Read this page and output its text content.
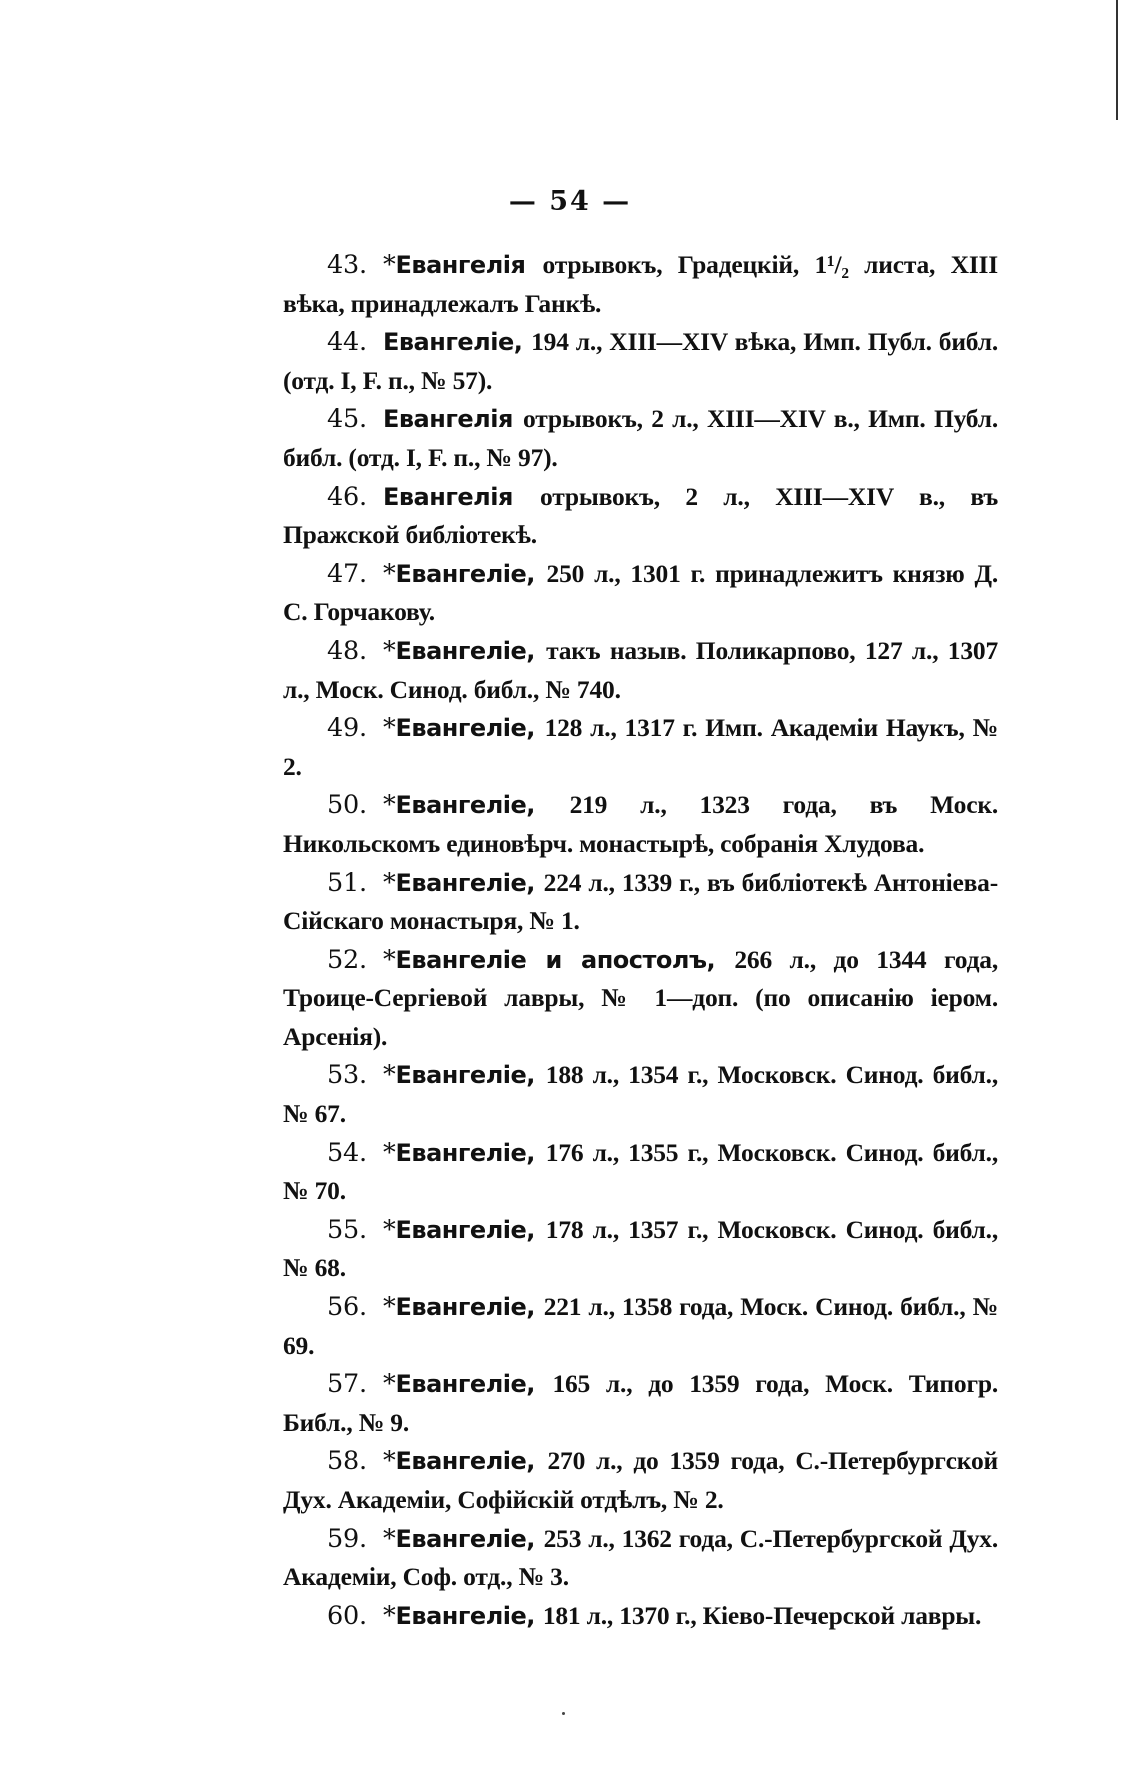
— 54 —

43. *Евангелія отрывокъ, Градецкій, 1¹/₂ листа, XIII вѣка, принадлежалъ Ганкѣ.

44. Евангеліе, 194 л., XIII—XIV вѣка, Имп. Публ. библ. (отд. I, F. п., № 57).

45. Евангелія отрывокъ, 2 л., XIII—XIV в., Имп. Публ. библ. (отд. I, F. п., № 97).

46. Евангелія отрывокъ, 2 л., XIII—XIV в., въ Пражской библіотекѣ.

47. *Евангеліе, 250 л., 1301 г. принадлежитъ князю Д. С. Горчакову.

48. *Евангеліе, такъ назыв. Поликарпово, 127 л., 1307 л., Моск. Синод. библ., № 740.

49. *Евангеліе, 128 л., 1317 г. Имп. Академіи Наукъ, № 2.

50. *Евангеліе, 219 л., 1323 года, въ Моск. Никольскомъ единовѣрч. монастырѣ, собранія Хлудова.

51. *Евангеліе, 224 л., 1339 г., въ библіотекѣ Антоніева-Сійскаго монастыря, № 1.

52. *Евангеліе и апостолъ, 266 л., до 1344 года, Троице-Сергіевой лавры, № 1—доп. (по описанію іером. Арсенія).

53. *Евангеліе, 188 л., 1354 г., Московск. Синод. библ., № 67.

54. *Евангеліе, 176 л., 1355 г., Московск. Синод. библ., № 70.

55. *Евангеліе, 178 л., 1357 г., Московск. Синод. библ., № 68.

56. *Евангеліе, 221 л., 1358 года, Моск. Синод. библ., № 69.

57. *Евангеліе, 165 л., до 1359 года, Моск. Типогр. Библ., № 9.

58. *Евангеліе, 270 л., до 1359 года, С.-Петербургской Дух. Академіи, Софійскій отдѣлъ, № 2.

59. *Евангеліе, 253 л., 1362 года, С.-Петербургской Дух. Академіи, Соф. отд., № 3.

60. *Евангеліе, 181 л., 1370 г., Кіево-Печерской лавры.
